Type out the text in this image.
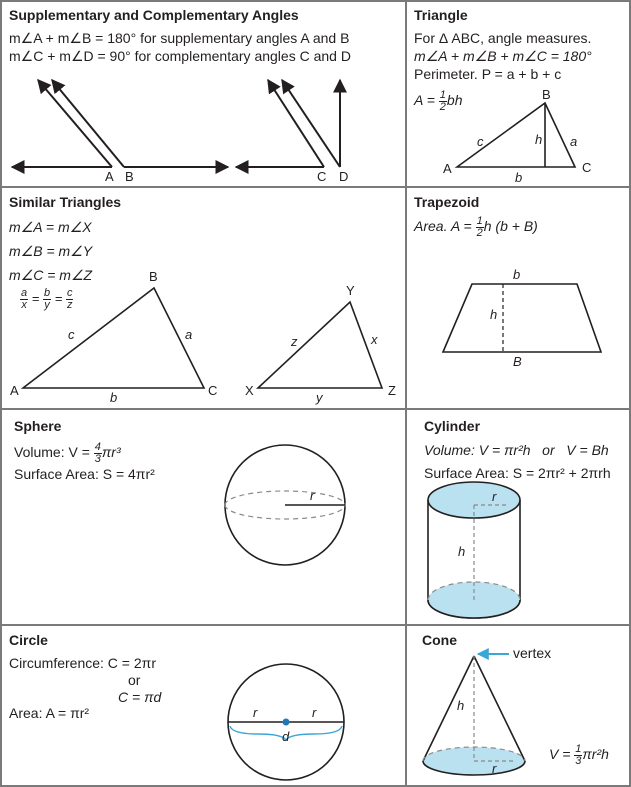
Supplementary and Complementary Angles
m∠A + m∠B = 180° for supplementary angles A and B
m∠C + m∠D = 90° for complementary angles C and D
A B	C D
Triangle
For Δ ABC, angle measures.
m∠A + m∠B + m∠C = 180°
Perimeter. P = a + b + c
$A = \frac{1}{2}$ bh
A
B
C
c	h a
b
Similar Triangles
m∠A = m∠X
m∠B = m∠Y
m∠C = m∠Z
$\frac{a}{x} = \frac{b}{y} = \frac{c}{z}$
A
B
C
c	a
b	X
Y
Z
z	x
y
Trapezoid
Area. $A = \frac{1}{2}$ h (b + B)
b
h
B
Sphere
Volume: $V = \frac{4}{3} \pi r^3$
Surface Area: S = 4πr²
r
Cylinder
Volume: V = πr²h   or   V = Bh
Surface Area: S = 2πr² + 2πrh
r
h
Circle
Circumference: C = 2πr
or
C = πd
Area: A = πr²	r	r
d
Cone
vertex
h
r
$V = \frac{1}{3} \pi r^2h$
